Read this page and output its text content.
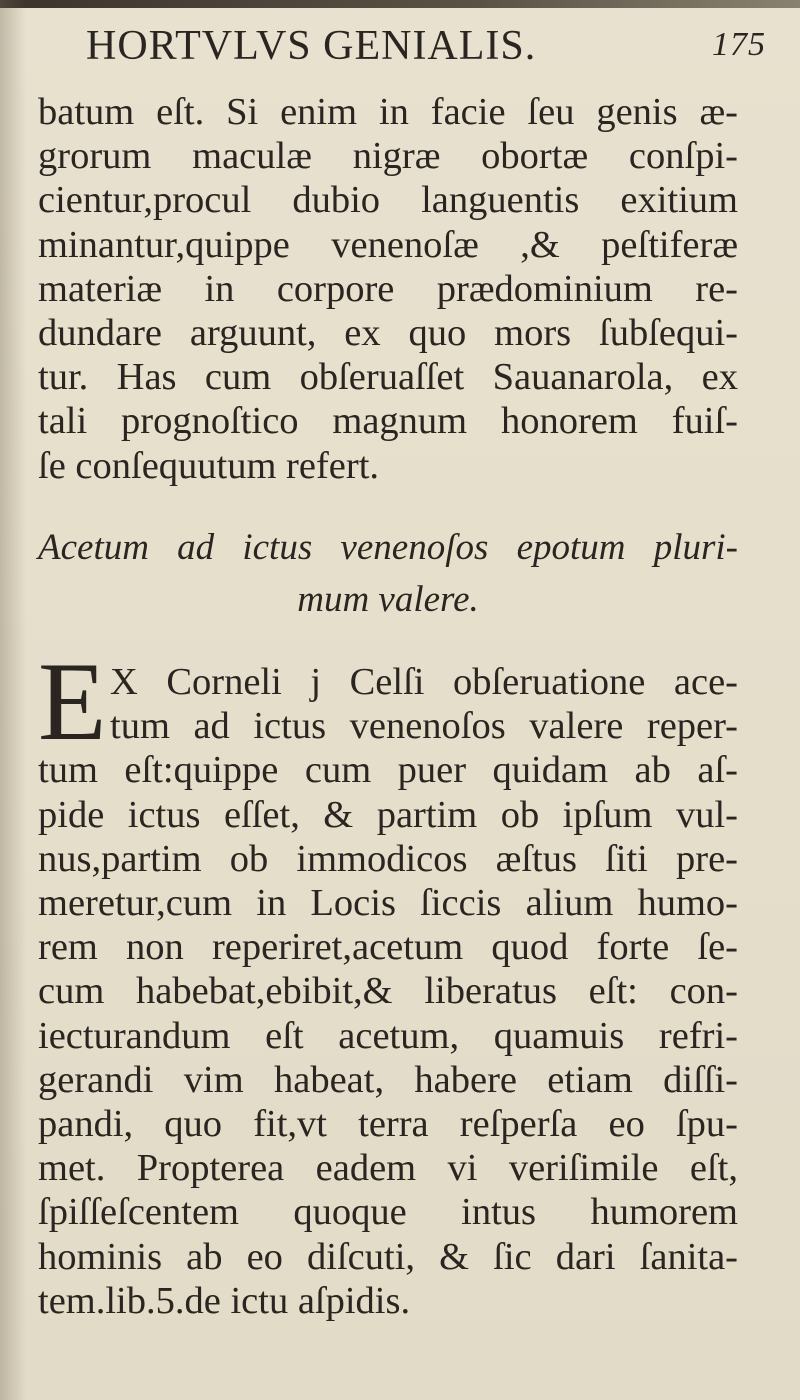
HORTVLVS GENIALIS.	175
batum eſt. Si enim in facie ſeu genis æ-
grorum maculæ nigræ obortæ conſpi-
cientur,procul dubio languentis exitium
minantur,quippe venenoſæ ,& peſtiferæ
materiæ in corpore prædominium re-
dundare arguunt, ex quo mors ſubſequi-
tur. Has cum obſeruaſſet Sauanarola, ex
tali prognoſtico magnum honorem fuiſ-
ſe conſequutum refert.
Acetum ad ictus venenoſos epotum pluri-
mum valere.
E X Corneli j Celſi obſeruatione ace-
tum ad ictus venenoſos valere reper-
tum eſt:quippe cum puer quidam ab aſ-
pide ictus eſſet, & partim ob ipſum vul-
nus,partim ob immodicos æſtus ſiti pre-
meretur,cum in Locis ſiccis alium humo-
rem non reperiret,acetum quod forte ſe-
cum habebat,ebibit,& liberatus eſt: con-
iecturandum eſt acetum, quamuis refri-
gerandi vim habeat, habere etiam diſſi-
pandi, quo fit,vt terra reſperſa eo ſpu-
met. Propterea eadem vi veriſimile eſt,
ſpiſſeſcentem quoque intus humorem
hominis ab eo diſcuti, & ſic dari ſanita-
tem.lib.5.de ictu aſpidis.
